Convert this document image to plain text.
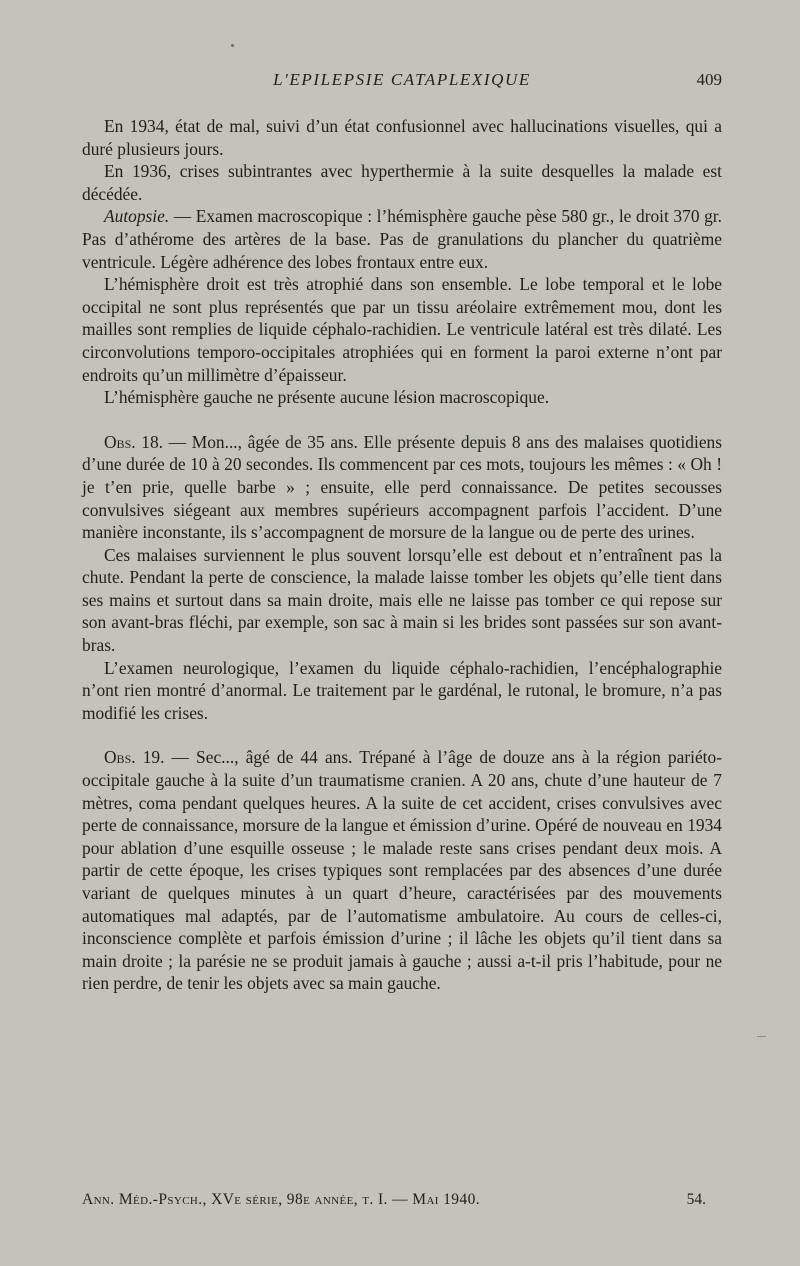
L'EPILEPSIE CATAPLEXIQUE	409

En 1934, état de mal, suivi d’un état confusionnel avec hallucinations visuelles, qui a duré plusieurs jours.

En 1936, crises subintrantes avec hyperthermie à la suite desquelles la malade est décédée.

Autopsie. — Examen macroscopique : l’hémisphère gauche pèse 580 gr., le droit 370 gr. Pas d’athérome des artères de la base. Pas de granulations du plancher du quatrième ventricule. Légère adhérence des lobes frontaux entre eux.

L’hémisphère droit est très atrophié dans son ensemble. Le lobe temporal et le lobe occipital ne sont plus représentés que par un tissu aréolaire extrêmement mou, dont les mailles sont remplies de liquide céphalo-rachidien. Le ventricule latéral est très dilaté. Les circonvolutions temporo-occipitales atrophiées qui en forment la paroi externe n’ont par endroits qu’un millimètre d’épaisseur.

L’hémisphère gauche ne présente aucune lésion macroscopique.

Obs. 18. — Mon..., âgée de 35 ans. Elle présente depuis 8 ans des malaises quotidiens d’une durée de 10 à 20 secondes. Ils commencent par ces mots, toujours les mêmes : « Oh ! je t’en prie, quelle barbe » ; ensuite, elle perd connaissance. De petites secousses convulsives siégeant aux membres supérieurs accompagnent parfois l’accident. D’une manière inconstante, ils s’accompagnent de morsure de la langue ou de perte des urines.

Ces malaises surviennent le plus souvent lorsqu’elle est debout et n’entraînent pas la chute. Pendant la perte de conscience, la malade laisse tomber les objets qu’elle tient dans ses mains et surtout dans sa main droite, mais elle ne laisse pas tomber ce qui repose sur son avant-bras fléchi, par exemple, son sac à main si les brides sont passées sur son avant-bras.

L’examen neurologique, l’examen du liquide céphalo-rachidien, l’encéphalographie n’ont rien montré d’anormal. Le traitement par le gardénal, le rutonal, le bromure, n’a pas modifié les crises.

Obs. 19. — Sec..., âgé de 44 ans. Trépané à l’âge de douze ans à la région pariéto-occipitale gauche à la suite d’un traumatisme cranien. A 20 ans, chute d’une hauteur de 7 mètres, coma pendant quelques heures. A la suite de cet accident, crises convulsives avec perte de connaissance, morsure de la langue et émission d’urine. Opéré de nouveau en 1934 pour ablation d’une esquille osseuse ; le malade reste sans crises pendant deux mois. A partir de cette époque, les crises typiques sont remplacées par des absences d’une durée variant de quelques minutes à un quart d’heure, caractérisées par des mouvements automatiques mal adaptés, par de l’automatisme ambulatoire. Au cours de celles-ci, inconscience complète et parfois émission d’urine ; il lâche les objets qu’il tient dans sa main droite ; la parésie ne se produit jamais à gauche ; aussi a-t-il pris l’habitude, pour ne rien perdre, de tenir les objets avec sa main gauche.

Ann. Méd.-Psych., XVe série, 98e année, t. I. — Mai 1940.	54.
